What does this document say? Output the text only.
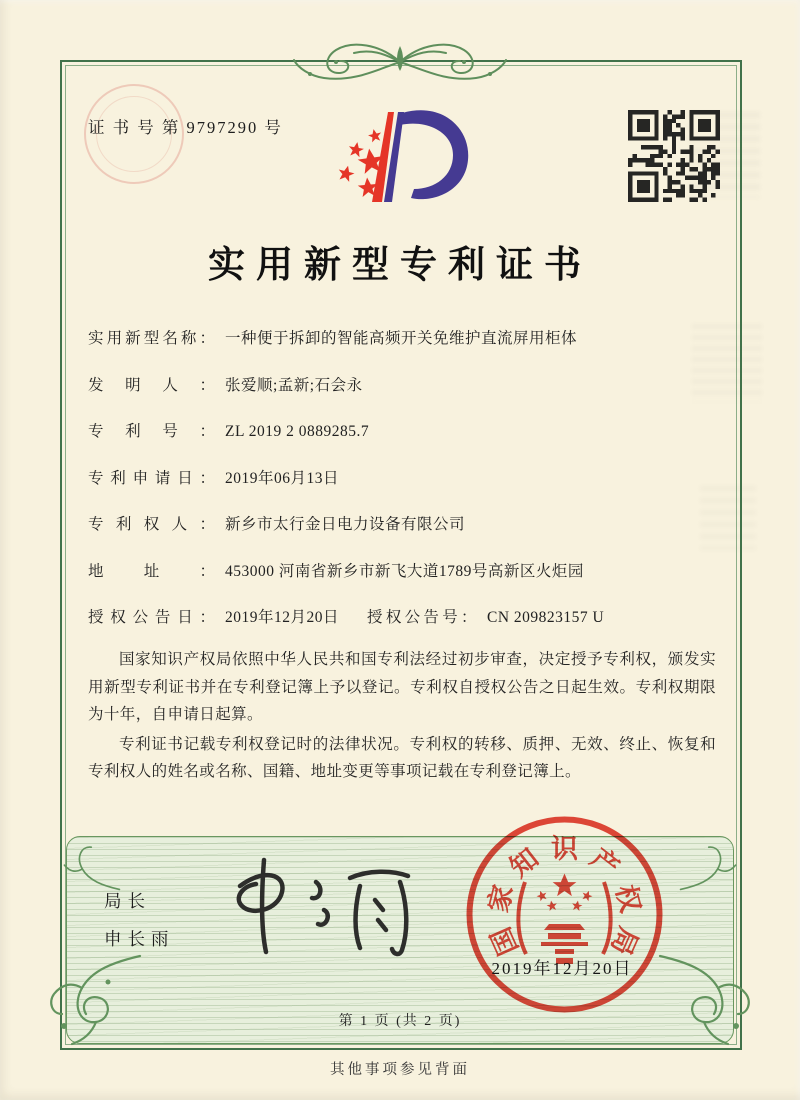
证 书 号 第 9797290 号
实用新型专利证书
实用新型名称： 一种便于拆卸的智能高频开关免维护直流屏用柜体
发明人： 张爱顺;孟新;石会永
专利号： ZL 2019 2 0889285.7
专利申请日： 2019年06月13日
专利权人： 新乡市太行金日电力设备有限公司
地址： 453000 河南省新乡市新飞大道1789号高新区火炬园
授权公告日： 2019年12月20日 授权公告号： CN 209823157 U

国家知识产权局依照中华人民共和国专利法经过初步审查，决定授予专利权，颁发实用新型专利证书并在专利登记簿上予以登记。专利权自授权公告之日起生效。专利权期限为十年，自申请日起算。

专利证书记载专利权登记时的法律状况。专利权的转移、质押、无效、终止、恢复和专利权人的姓名或名称、国籍、地址变更等事项记载在专利登记簿上。

局长
申长雨	国
家
知 识 产
权
局
2019年12月20日
第 1 页 (共 2 页)
其他事项参见背面
